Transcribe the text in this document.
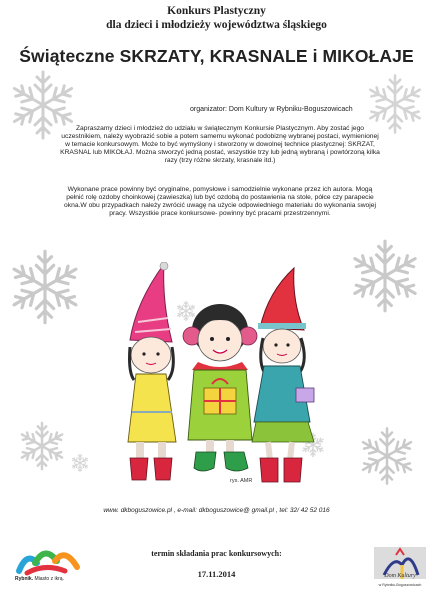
Konkurs Plastyczny
dla dzieci i młodzieży województwa śląskiego
Świąteczne SKRZATY, KRASNALE i MIKOŁAJE
organizator: Dom Kultury w Rybniku-Boguszowicach
Zapraszamy dzieci i młodzież do udziału w świątecznym Konkursie Plastycznym. Aby zostać jego uczestnikiem, należy wyobrazić sobie a potem samemu wykonać podobiznę wybranej postaci, wymienionej w temacie konkursowym. Może to być wymyślony i stworzony w dowolnej technice plastycznej: SKRZAT, KRASNAL lub MIKOŁAJ. Można stworzyć jedną postać, wszystkie trzy lub jedną wybraną i powtórzoną kilka razy (trzy różne skrzaty, krasnale itd.)
Wykonane prace powinny być oryginalne, pomysłowe i samodzielnie wykonane przez ich autora. Mogą pełnić rolę ozdoby choinkowej (zawieszka) lub być ozdobą do postawienia na stole, półce czy parapecie okna.W obu przypadkach należy zwrócić uwagę na użycie odpowiedniego materiału do wykonania swojej pracy. Wszystkie prace konkursowe- powinny być pracami przestrzennymi.
rys. AMR
www. dkboguszowice.pl , e-mail: dkboguszowice@ gmail.pl , tel: 32/ 42 52 016
termin składania prac konkursowych:
17.11.2014
Rybnik. Miasto z ikrą.	Dom Kultury
w Rybniku-Boguszowicach
